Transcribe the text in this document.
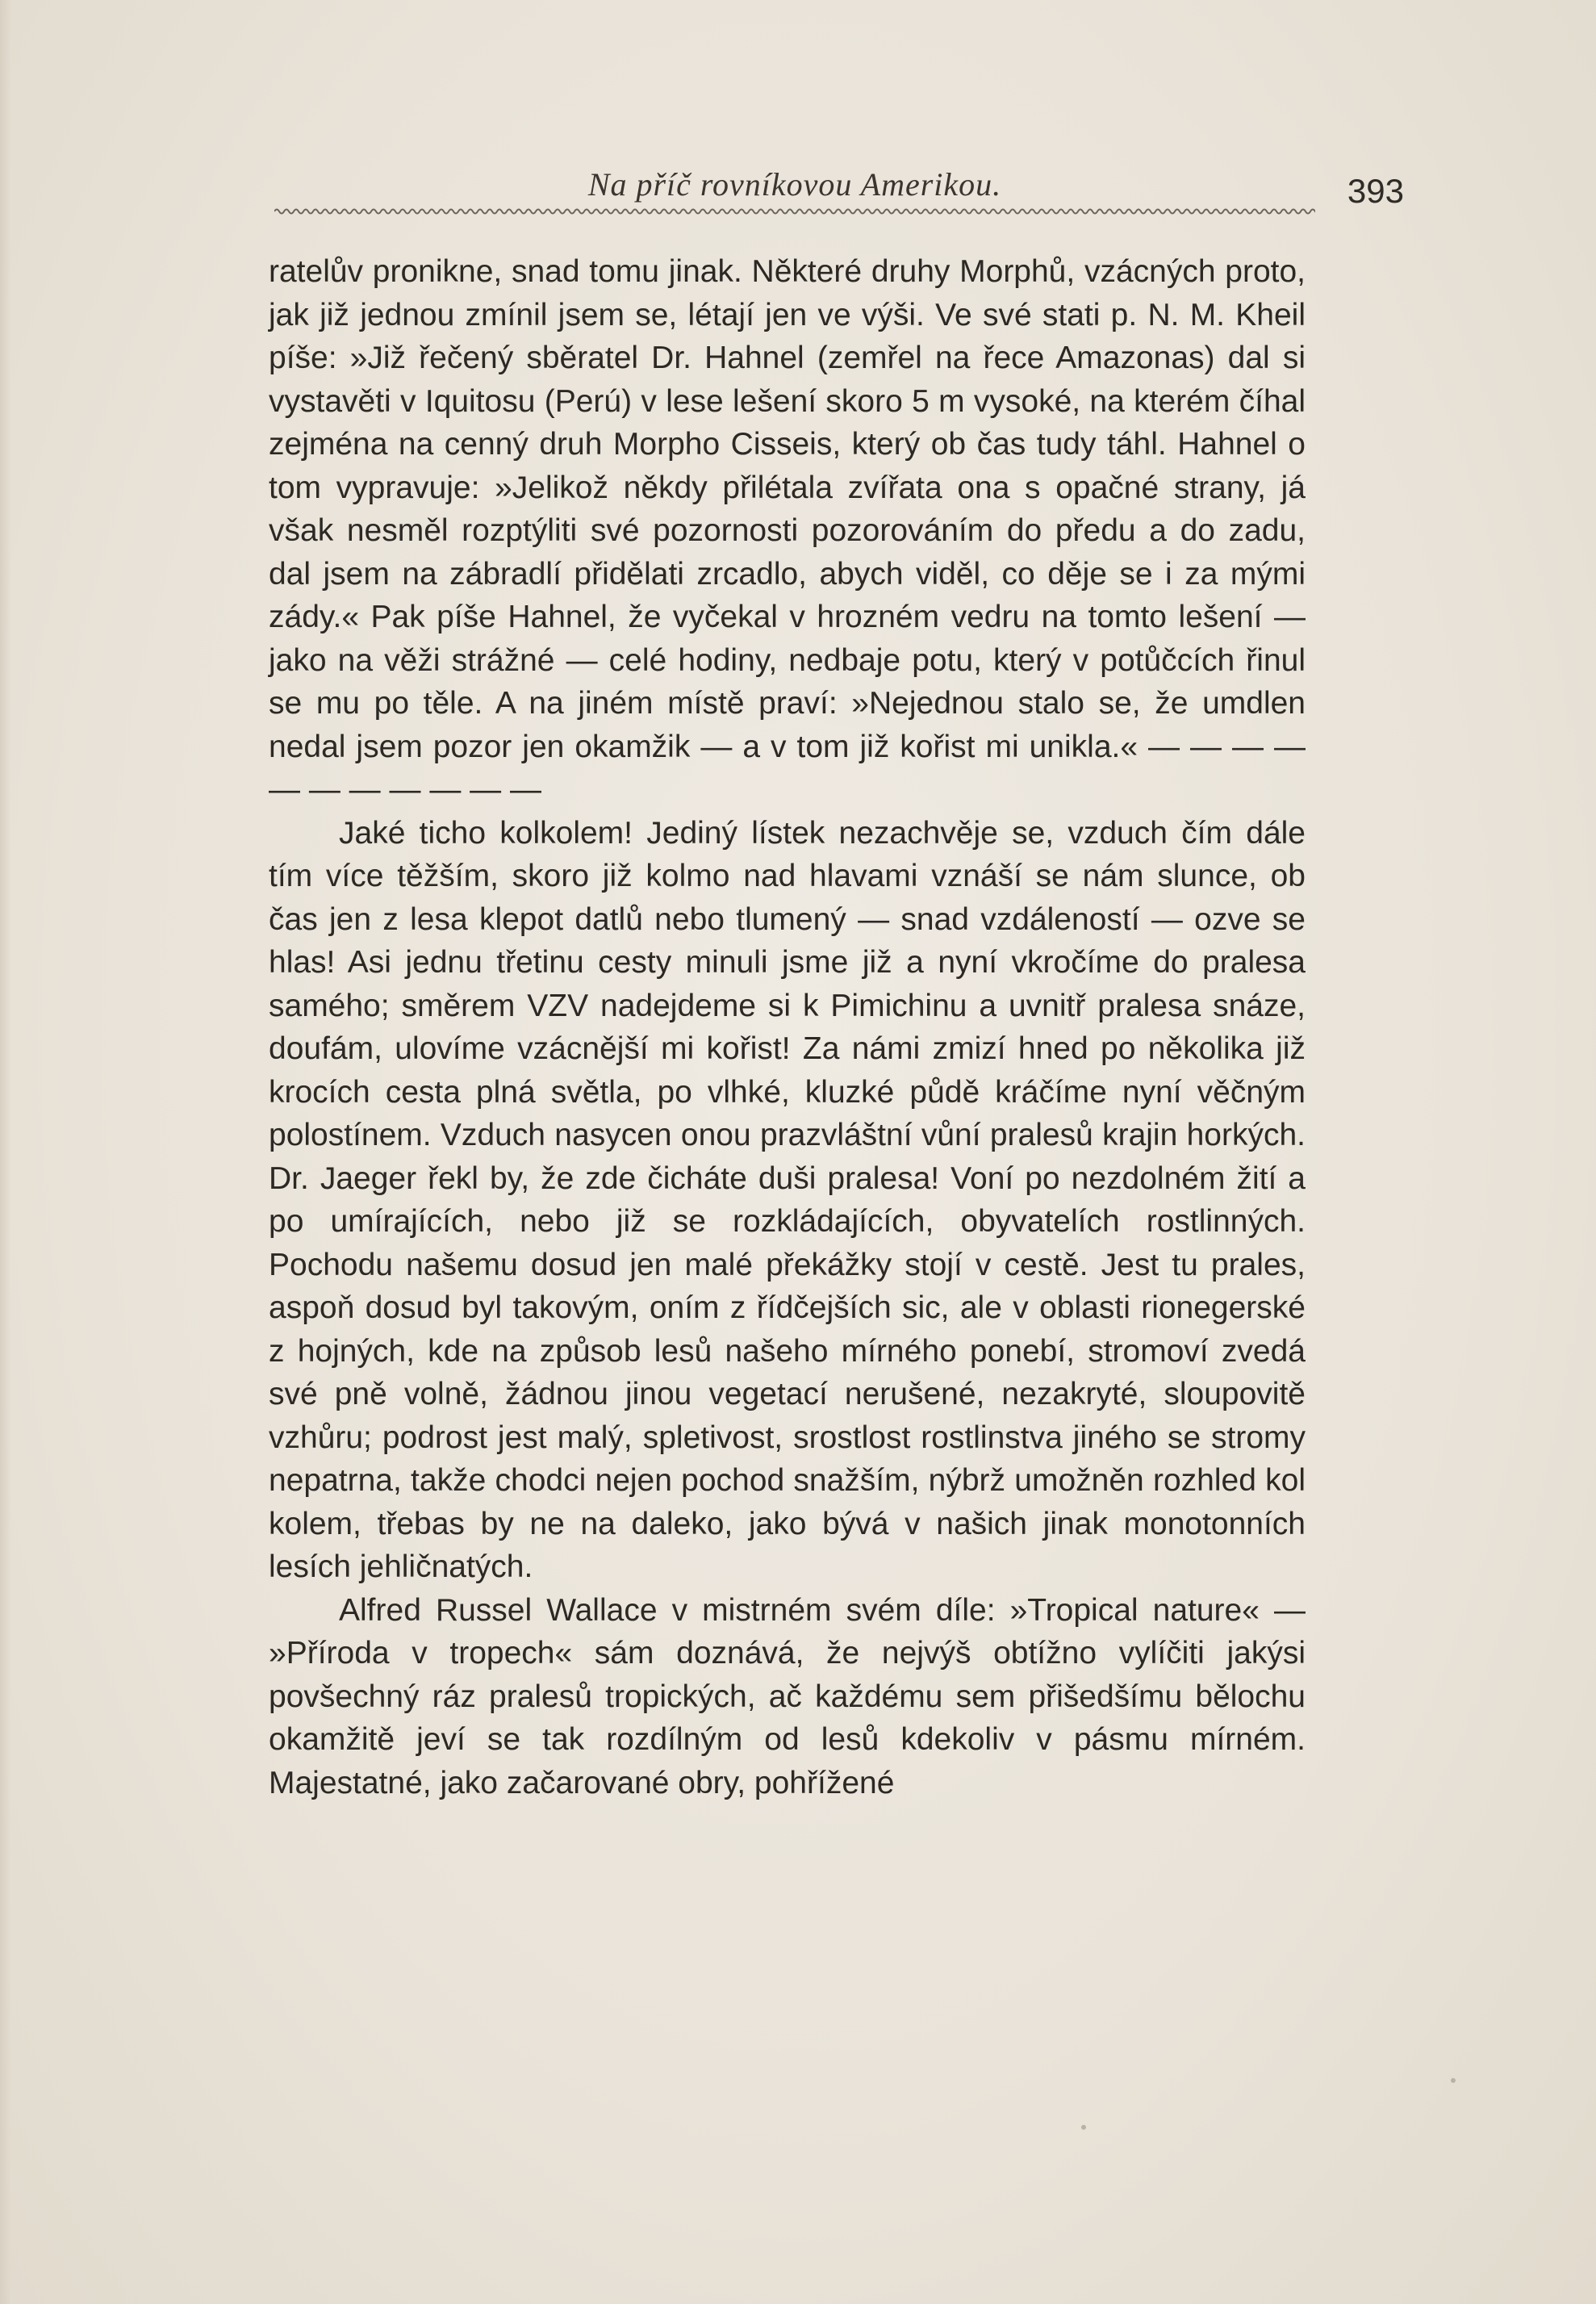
Na příč rovníkovou Amerikou.	393

ratelův pronikne, snad tomu jinak. Některé druhy Morphů, vzácných proto, jak již jednou zmínil jsem se, létají jen ve výši. Ve své stati p. N. M. Kheil píše: »Již řečený sběratel Dr. Hahnel (zemřel na řece Amazonas) dal si vystavěti v Iquitosu (Perú) v lese lešení skoro 5 m vysoké, na kterém číhal zejména na cenný druh Morpho Cisseis, který ob čas tudy táhl. Hahnel o tom vypravuje: »Jelikož někdy přilétala zvířata ona s opačné strany, já však nesměl rozptýliti své pozornosti pozorováním do předu a do zadu, dal jsem na zábradlí přidělati zrcadlo, abych viděl, co děje se i za mými zády.« Pak píše Hahnel, že vyčekal v hrozném vedru na tomto lešení — jako na věži strážné — celé hodiny, nedbaje potu, který v potůčcích řinul se mu po těle. A na jiném místě praví: »Nejednou stalo se, že umdlen nedal jsem pozor jen okamžik — a v tom již kořist mi unikla.« — — — — — — — — — — —

Jaké ticho kolkolem! Jediný lístek nezachvěje se, vzduch čím dále tím více těžším, skoro již kolmo nad hlavami vznáší se nám slunce, ob čas jen z lesa klepot datlů nebo tlumený — snad vzdáleností — ozve se hlas! Asi jednu třetinu cesty minuli jsme již a nyní vkročíme do pralesa samého; směrem VZV nadejdeme si k Pimichinu a uvnitř pralesa snáze, doufám, ulovíme vzácnější mi kořist! Za námi zmizí hned po několika již krocích cesta plná světla, po vlhké, kluzké půdě kráčíme nyní věčným polostínem. Vzduch nasycen onou prazvláštní vůní pralesů krajin horkých. Dr. Jaeger řekl by, že zde čicháte duši pralesa! Voní po nezdolném žití a po umírajících, nebo již se rozkládajících, obyvatelích rostlinných. Pochodu našemu dosud jen malé překážky stojí v cestě. Jest tu prales, aspoň dosud byl takovým, oním z řídčejších sic, ale v oblasti rionegerské z hojných, kde na způsob lesů našeho mírného ponebí, stromoví zvedá své pně volně, žádnou jinou vegetací nerušené, nezakryté, sloupovitě vzhůru; podrost jest malý, spletivost, srostlost rostlinstva jiného se stromy nepatrna, takže chodci nejen pochod snažším, nýbrž umožněn rozhled kol kolem, třebas by ne na daleko, jako bývá v našich jinak monotonních lesích jehličnatých.

Alfred Russel Wallace v mistrném svém díle: »Tropical nature« — »Příroda v tropech« sám doznává, že nejvýš obtížno vylíčiti jakýsi povšechný ráz pralesů tropických, ač každému sem přišedšímu bělochu okamžitě jeví se tak rozdílným od lesů kdekoliv v pásmu mírném. Majestatné, jako začarované obry, pohřížené
